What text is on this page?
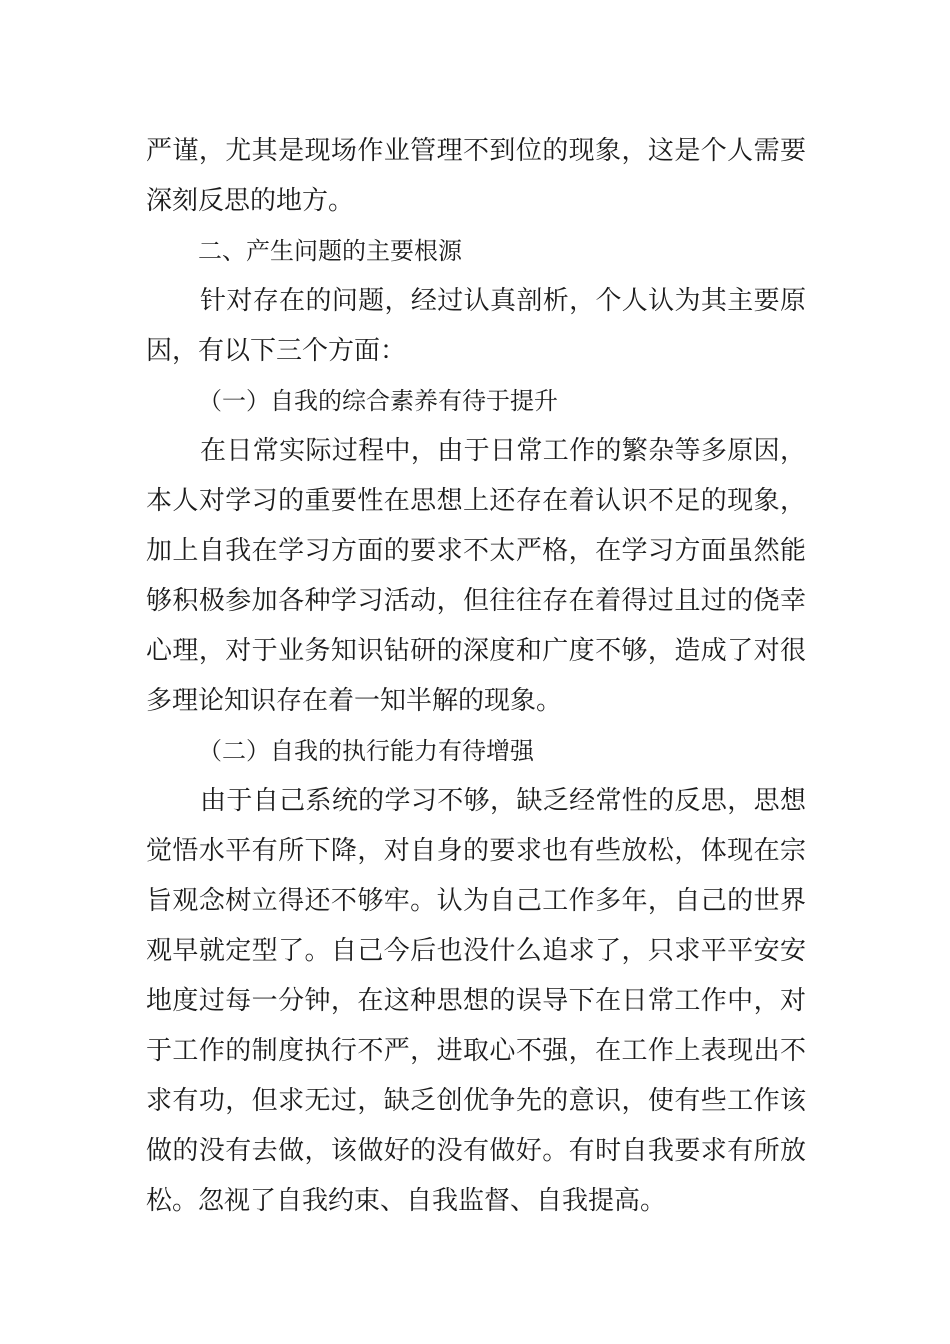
严谨，尤其是现场作业管理不到位的现象，这是个人需要
深刻反思的地方。
二、产生问题的主要根源
针对存在的问题，经过认真剖析，个人认为其主要原
因，有以下三个方面：
（一）自我的综合素养有待于提升
在日常实际过程中，由于日常工作的繁杂等多原因，
本人对学习的重要性在思想上还存在着认识不足的现象，
加上自我在学习方面的要求不太严格，在学习方面虽然能
够积极参加各种学习活动，但往往存在着得过且过的侥幸
心理，对于业务知识钻研的深度和广度不够，造成了对很
多理论知识存在着一知半解的现象。
（二）自我的执行能力有待增强
由于自己系统的学习不够，缺乏经常性的反思，思想
觉悟水平有所下降，对自身的要求也有些放松，体现在宗
旨观念树立得还不够牢。认为自己工作多年，自己的世界
观早就定型了。自己今后也没什么追求了，只求平平安安
地度过每一分钟，在这种思想的误导下在日常工作中，对
于工作的制度执行不严，进取心不强，在工作上表现出不
求有功，但求无过，缺乏创优争先的意识，使有些工作该
做的没有去做，该做好的没有做好。有时自我要求有所放
松。忽视了自我约束、自我监督、自我提高。
